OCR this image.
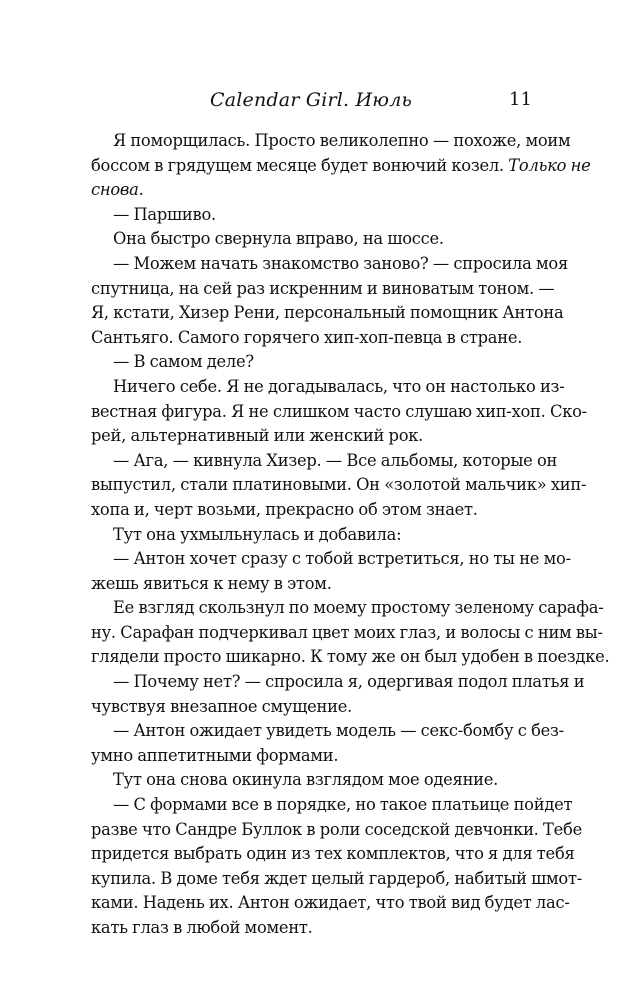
Calendar Girl. Июль	11
Я поморщилась. Просто великолепно — похоже, моим
боссом в грядущем месяце будет вонючий козел. Только не
снова.
— Паршиво.
Она быстро свернула вправо, на шоссе.
— Можем начать знакомство заново? — спросила моя
спутница, на сей раз искренним и виноватым тоном. —
Я, кстати, Хизер Рени, персональный помощник Антона
Сантьяго. Самого горячего хип-хоп-певца в стране.
— В самом деле?
Ничего себе. Я не догадывалась, что он настолько из-
вестная фигура. Я не слишком часто слушаю хип-хоп. Ско-
рей, альтернативный или женский рок.
— Ага, — кивнула Хизер. — Все альбомы, которые он
выпустил, стали платиновыми. Он «золотой мальчик» хип-
хопа и, черт возьми, прекрасно об этом знает.
Тут она ухмыльнулась и добавила:
— Антон хочет сразу с тобой встретиться, но ты не мо-
жешь явиться к нему в этом.
Ее взгляд скользнул по моему простому зеленому сарафа-
ну. Сарафан подчеркивал цвет моих глаз, и волосы с ним вы-
глядели просто шикарно. К тому же он был удобен в поездке.
— Почему нет? — спросила я, одергивая подол платья и
чувствуя внезапное смущение.
— Антон ожидает увидеть модель — секс-бомбу с без-
умно аппетитными формами.
Тут она снова окинула взглядом мое одеяние.
— С формами все в порядке, но такое платьице пойдет
разве что Сандре Буллок в роли соседской девчонки. Тебе
придется выбрать один из тех комплектов, что я для тебя
купила. В доме тебя ждет целый гардероб, набитый шмот-
ками. Надень их. Антон ожидает, что твой вид будет лас-
кать глаз в любой момент.
